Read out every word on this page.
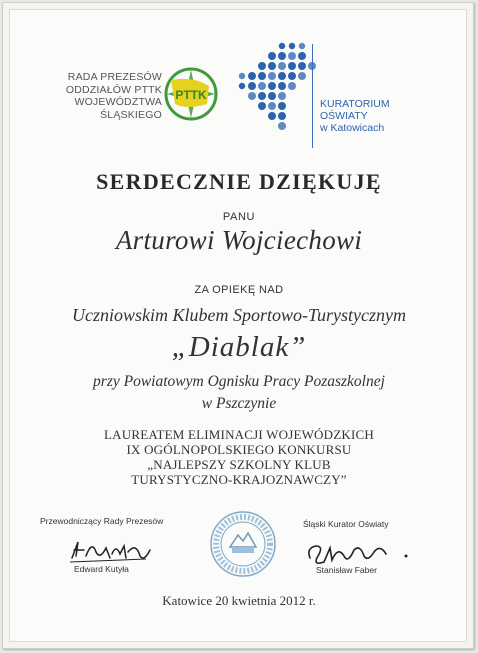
RADA PREZESÓW
ODDZIAŁÓW PTTK
WOJEWÓDZTWA
ŚLĄSKIEGO
PTTK
KURATORIUM
OŚWIATY
w Katowicach
SERDECZNIE DZIĘKUJĘ
PANU
Arturowi Wojciechowi
ZA OPIEKĘ NAD
Uczniowskim Klubem Sportowo-Turystycznym
„Diablak”
przy Powiatowym Ognisku Pracy Pozaszkolnej
w Pszczynie
LAUREATEM ELIMINACJI WOJEWÓDZKICH
IX OGÓLNOPOLSKIEGO KONKURSU
„NAJLEPSZY SZKOLNY KLUB
TURYSTYCZNO-KRAJOZNAWCZY”
Przewodniczący Rady Prezesów
Edward Kutyła
Śląski Kurator Oświaty
Stanisław Faber
Katowice 20 kwietnia 2012 r.
